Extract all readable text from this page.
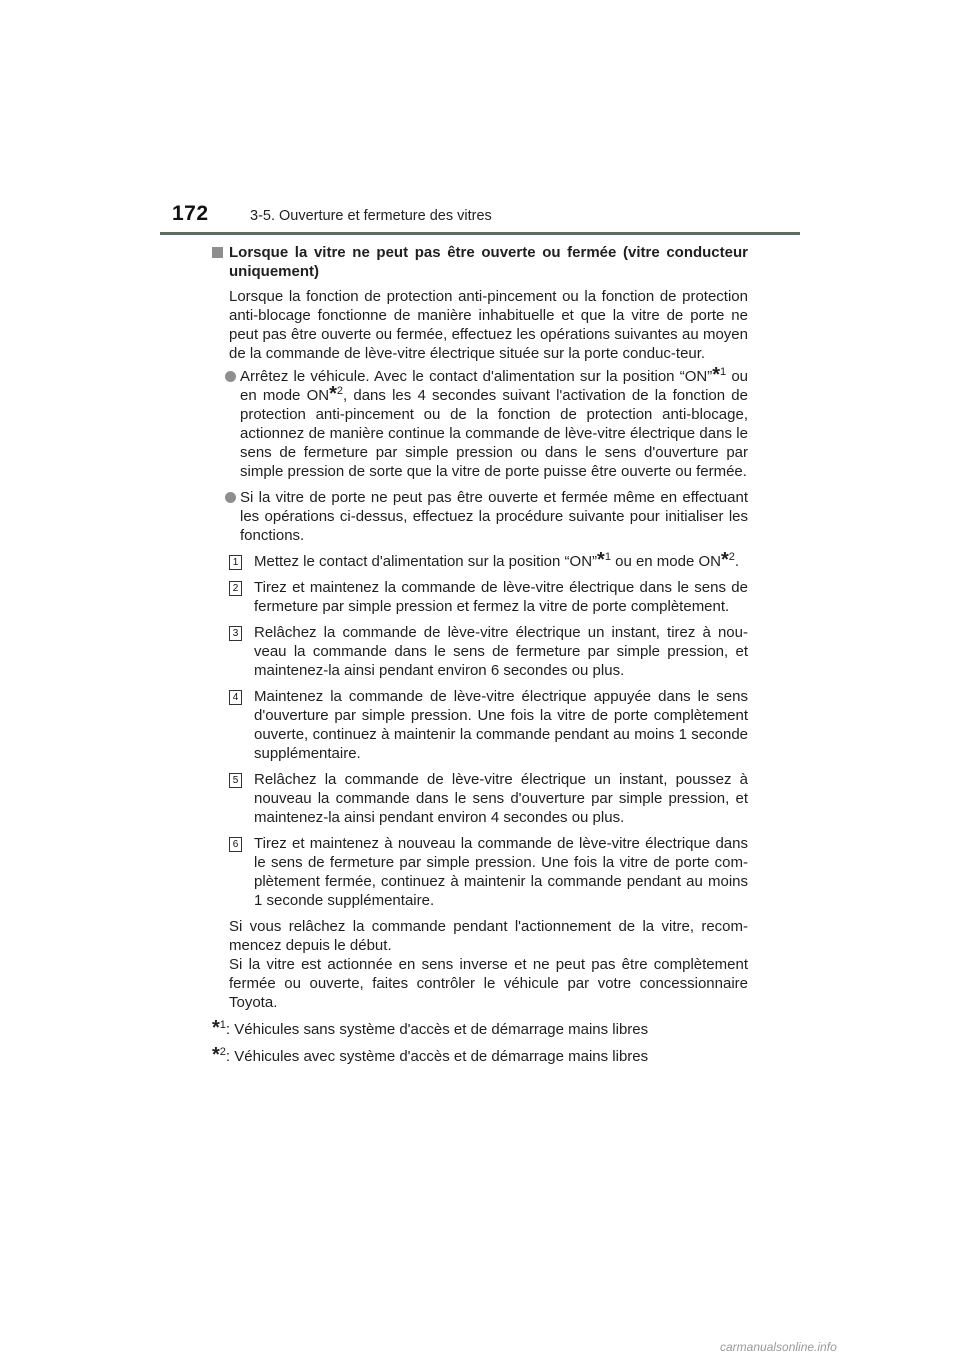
172	3-5. Ouverture et fermeture des vitres
Lorsque la vitre ne peut pas être ouverte ou fermée (vitre conducteur uniquement)
Lorsque la fonction de protection anti-pincement ou la fonction de protection anti-blocage fonctionne de manière inhabituelle et que la vitre de porte ne peut pas être ouverte ou fermée, effectuez les opérations suivantes au moyen de la commande de lève-vitre électrique située sur la porte conduc-teur.
Arrêtez le véhicule. Avec le contact d'alimentation sur la position “ON”*$^1$ ou en mode ON*$^2$, dans les 4 secondes suivant l'activation de la fonction de protection anti-pincement ou de la fonction de protection anti-blocage, actionnez de manière continue la commande de lève-vitre électrique dans le sens de fermeture par simple pression ou dans le sens d'ouverture par simple pression de sorte que la vitre de porte puisse être ouverte ou fermée.
Si la vitre de porte ne peut pas être ouverte et fermée même en effectuant les opérations ci-dessus, effectuez la procédure suivante pour initialiser les fonctions.
1 Mettez le contact d'alimentation sur la position “ON”*$^1$ ou en mode ON*$^2$.
2 Tirez et maintenez la commande de lève-vitre électrique dans le sens de fermeture par simple pression et fermez la vitre de porte complètement.
3 Relâchez la commande de lève-vitre électrique un instant, tirez à nou-veau la commande dans le sens de fermeture par simple pression, et maintenez-la ainsi pendant environ 6 secondes ou plus.
4 Maintenez la commande de lève-vitre électrique appuyée dans le sens d'ouverture par simple pression. Une fois la vitre de porte complètement ouverte, continuez à maintenir la commande pendant au moins 1 seconde supplémentaire.
5 Relâchez la commande de lève-vitre électrique un instant, poussez à nouveau la commande dans le sens d'ouverture par simple pression, et maintenez-la ainsi pendant environ 4 secondes ou plus.
6 Tirez et maintenez à nouveau la commande de lève-vitre électrique dans le sens de fermeture par simple pression. Une fois la vitre de porte com-plètement fermée, continuez à maintenir la commande pendant au moins 1 seconde supplémentaire.
Si vous relâchez la commande pendant l'actionnement de la vitre, recom-mencez depuis le début.
Si la vitre est actionnée en sens inverse et ne peut pas être complètement fermée ou ouverte, faites contrôler le véhicule par votre concessionnaire Toyota.
*$^1$: Véhicules sans système d'accès et de démarrage mains libres
*$^2$: Véhicules avec système d'accès et de démarrage mains libres
carmanualsonline.info
